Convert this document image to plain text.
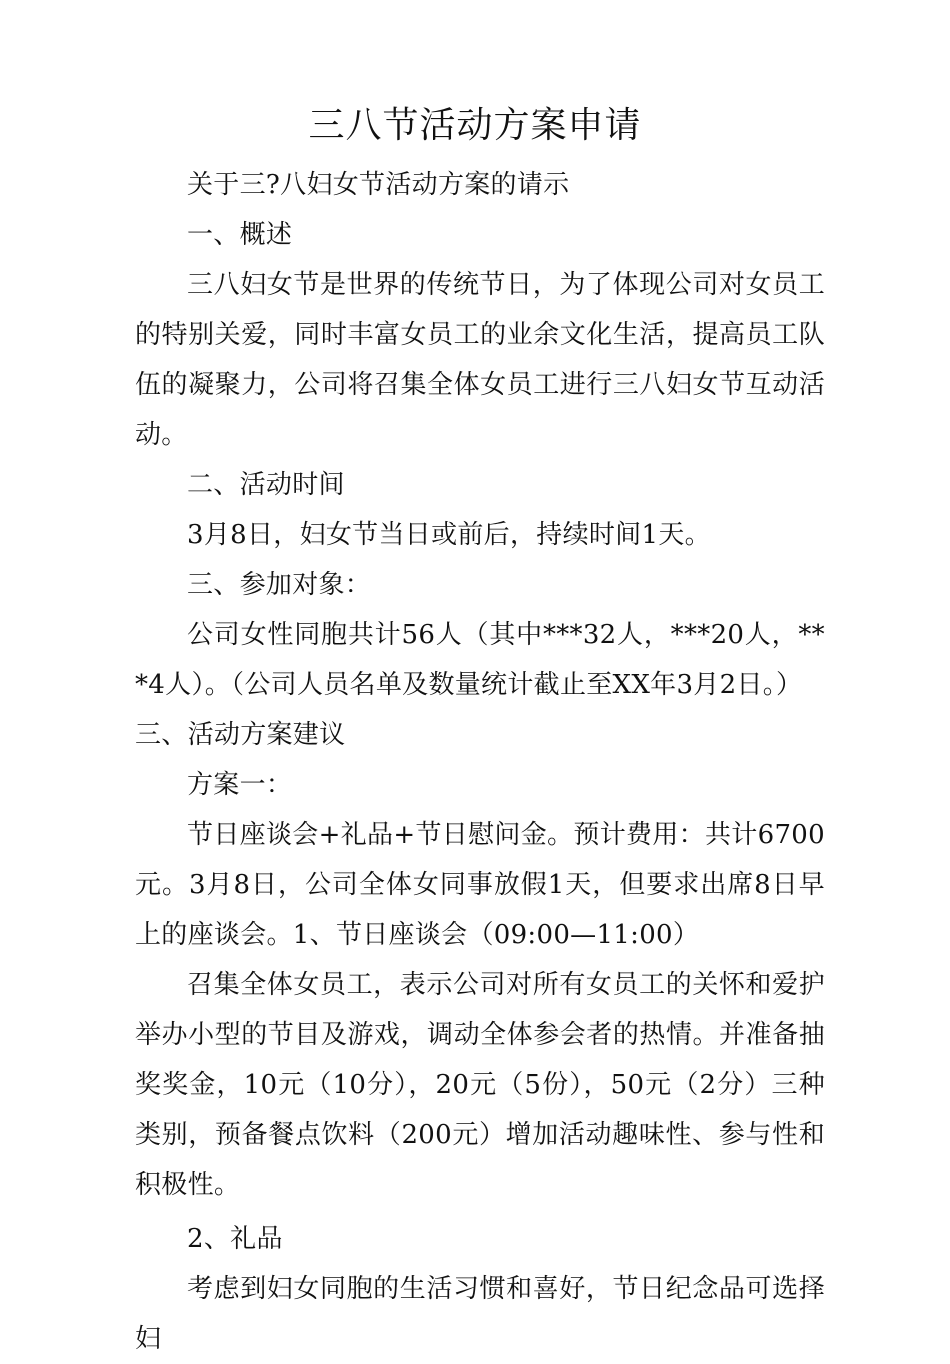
三八节活动方案申请

关于三?八妇女节活动方案的请示

一、概述

三八妇女节是世界的传统节日，为了体现公司对女员工的特别关爱，同时丰富女员工的业余文化生活，提高员工队伍的凝聚力，公司将召集全体女员工进行三八妇女节互动活动。

二、活动时间

3月8日，妇女节当日或前后，持续时间1天。

三、参加对象：

公司女性同胞共计56人（其中***32人，***20人，***4人）。（公司人员名单及数量统计截止至XX年3月2日。）

三、活动方案建议

方案一：

节日座谈会+礼品+节日慰问金。预计费用：共计6700元。3月8日，公司全体女同事放假1天，但要求出席8日早上的座谈会。1、节日座谈会（09:00—11:00）

召集全体女员工，表示公司对所有女员工的关怀和爱护举办小型的节目及游戏，调动全体参会者的热情。并准备抽奖奖金，10元（10分），20元（5份），50元（2分）三种类别，预备餐点饮料（200元）增加活动趣味性、参与性和积极性。

2、礼品

考虑到妇女同胞的生活习惯和喜好，节日纪念品可选择妇
